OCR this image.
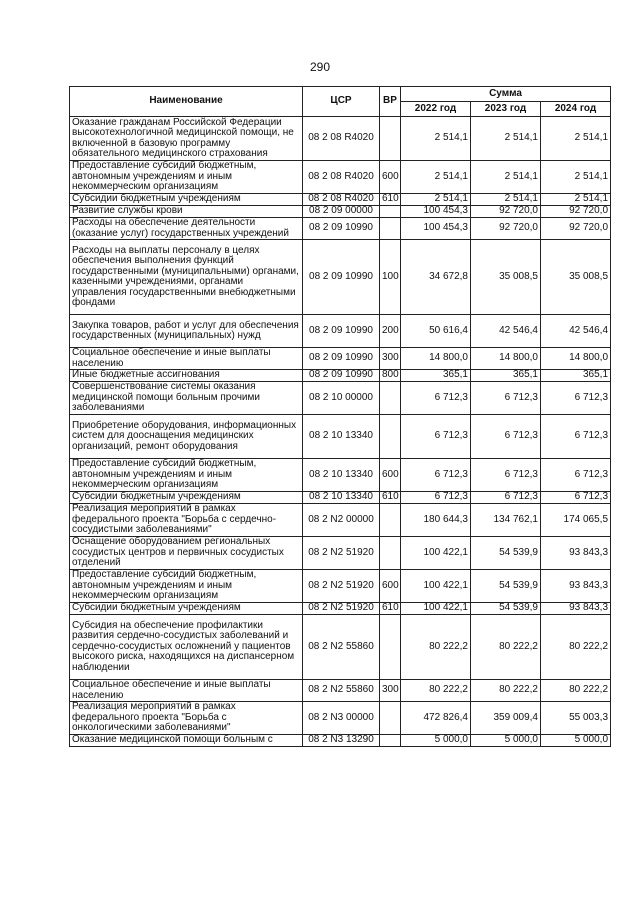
290
Наименование	ЦСР	ВР	Сумма		
			2022 год	2023 год	2024 год
Оказание гражданам Российской Федерации высокотехнологичной медицинской помощи, не включенной в базовую программу обязательного медицинского страхования	08 2 08 R4020		2 514,1	2 514,1	2 514,1
Предоставление субсидий бюджетным, автономным учреждениям и иным некоммерческим организациям	08 2 08 R4020	600	2 514,1	2 514,1	2 514,1
Субсидии бюджетным учреждениям	08 2 08 R4020	610	2 514,1	2 514,1	2 514,1
Развитие службы крови	08 2 09 00000		100 454,3	92 720,0	92 720,0
Расходы на обеспечение деятельности (оказание услуг) государственных учреждений	08 2 09 10990		100 454,3	92 720,0	92 720,0
Расходы на выплаты персоналу в целях обеспечения выполнения функций государственными (муниципальными) органами, казенными учреждениями, органами управления государственными внебюджетными фондами	08 2 09 10990	100	34 672,8	35 008,5	35 008,5
Закупка товаров, работ и услуг для обеспечения государственных (муниципальных) нужд	08 2 09 10990	200	50 616,4	42 546,4	42 546,4
Социальное обеспечение и иные выплаты населению	08 2 09 10990	300	14 800,0	14 800,0	14 800,0
Иные бюджетные ассигнования	08 2 09 10990	800	365,1	365,1	365,1
Совершенствование системы оказания медицинской помощи больным прочими заболеваниями	08 2 10 00000		6 712,3	6 712,3	6 712,3
Приобретение оборудования, информационных систем для дооснащения медицинских организаций, ремонт оборудования	08 2 10 13340		6 712,3	6 712,3	6 712,3
Предоставление субсидий бюджетным, автономным учреждениям и иным некоммерческим организациям	08 2 10 13340	600	6 712,3	6 712,3	6 712,3
Субсидии бюджетным учреждениям	08 2 10 13340	610	6 712,3	6 712,3	6 712,3
Реализация мероприятий в рамках федерального проекта "Борьба с сердечно-сосудистыми заболеваниями"	08 2 N2 00000		180 644,3	134 762,1	174 065,5
Оснащение оборудованием региональных сосудистых центров и первичных сосудистых отделений	08 2 N2 51920		100 422,1	54 539,9	93 843,3
Предоставление субсидий бюджетным, автономным учреждениям и иным некоммерческим организациям	08 2 N2 51920	600	100 422,1	54 539,9	93 843,3
Субсидии бюджетным учреждениям	08 2 N2 51920	610	100 422,1	54 539,9	93 843,3
Субсидия на обеспечение профилактики развития сердечно-сосудистых заболеваний и сердечно-сосудистых осложнений у пациентов высокого риска, находящихся на диспансерном наблюдении	08 2 N2 55860		80 222,2	80 222,2	80 222,2
Социальное обеспечение и иные выплаты населению	08 2 N2 55860	300	80 222,2	80 222,2	80 222,2
Реализация мероприятий в рамках федерального проекта "Борьба с онкологическими заболеваниями"	08 2 N3 00000		472 826,4	359 009,4	55 003,3
Оказание медицинской помощи больным с	08 2 N3 13290		5 000,0	5 000,0	5 000,0
